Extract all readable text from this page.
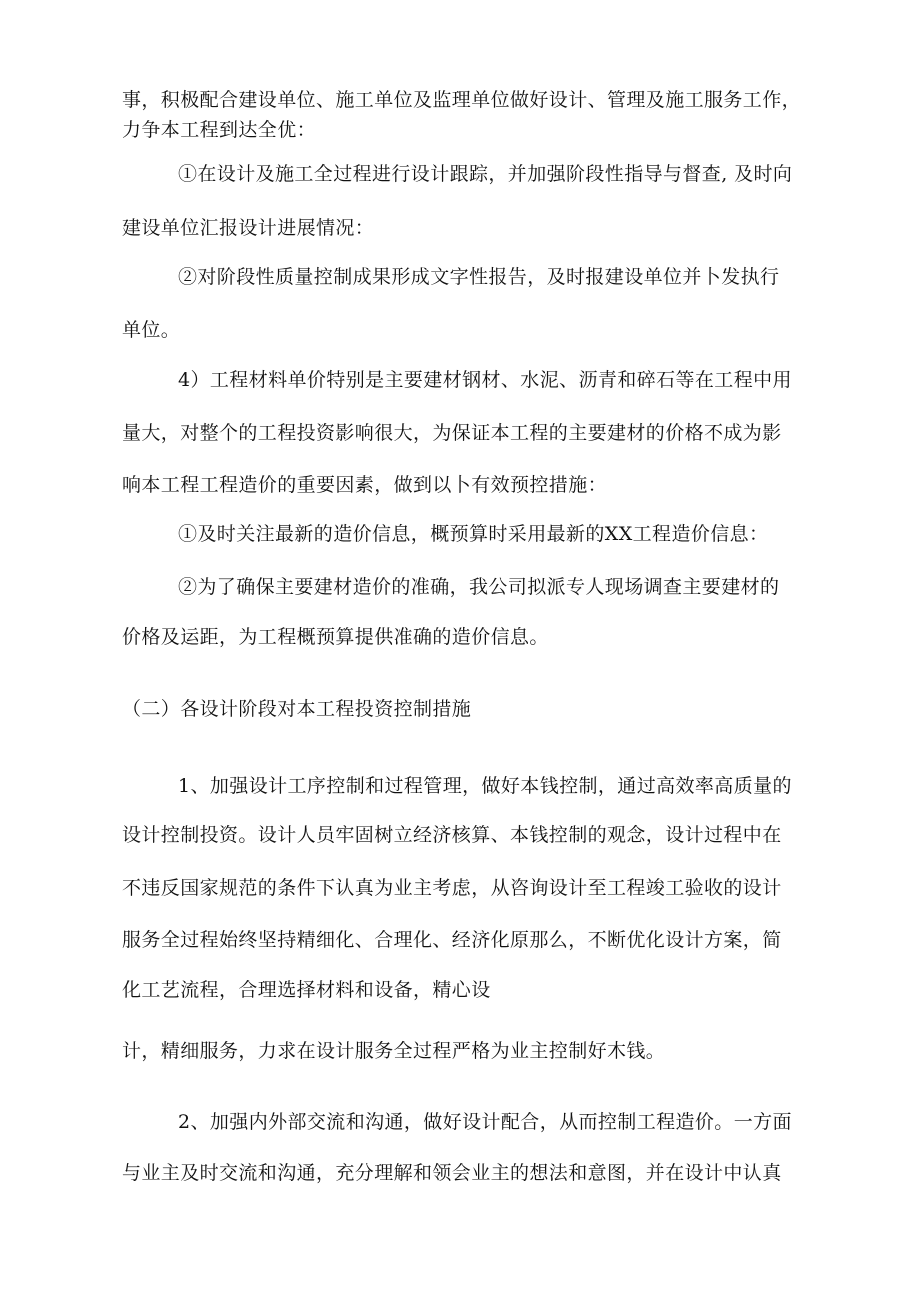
事，积极配合建设单位、施工单位及监理单位做好设计、管理及施工服务工作，
力争本工程到达全优：
①在设计及施工全过程进行设计跟踪，并加强阶段性指导与督查, 及时向
建设单位汇报设计进展情况：
②对阶段性质量控制成果形成文字性报告，及时报建设单位并卜发执行
单位。
4）工程材料单价特别是主要建材钢材、水泥、沥青和碎石等在工程中用
量大，对整个的工程投资影响很大，为保证本工程的主要建材的价格不成为影
响本工程工程造价的重要因素，做到以卜有效预控措施：
①及时关注最新的造价信息，概预算时采用最新的XX工程造价信息：
②为了确保主要建材造价的准确，我公司拟派专人现场调查主要建材的
价格及运距，为工程概预算提供准确的造价信息。
（二）各设计阶段对本工程投资控制措施
1、加强设计工序控制和过程管理，做好本钱控制，通过高效率高质量的
设计控制投资。设计人员牢固树立经济核算、本钱控制的观念，设计过程中在
不违反国家规范的条件下认真为业主考虑，从咨询设计至工程竣工验收的设计
服务全过程始终坚持精细化、合理化、经济化原那么，不断优化设计方案，简
化工艺流程，合理选择材料和设备，精心设
计，精细服务，力求在设计服务全过程严格为业主控制好木钱。
2、加强内外部交流和沟通，做好设计配合，从而控制工程造价。一方面
与业主及时交流和沟通，充分理解和领会业主的想法和意图，并在设计中认真
